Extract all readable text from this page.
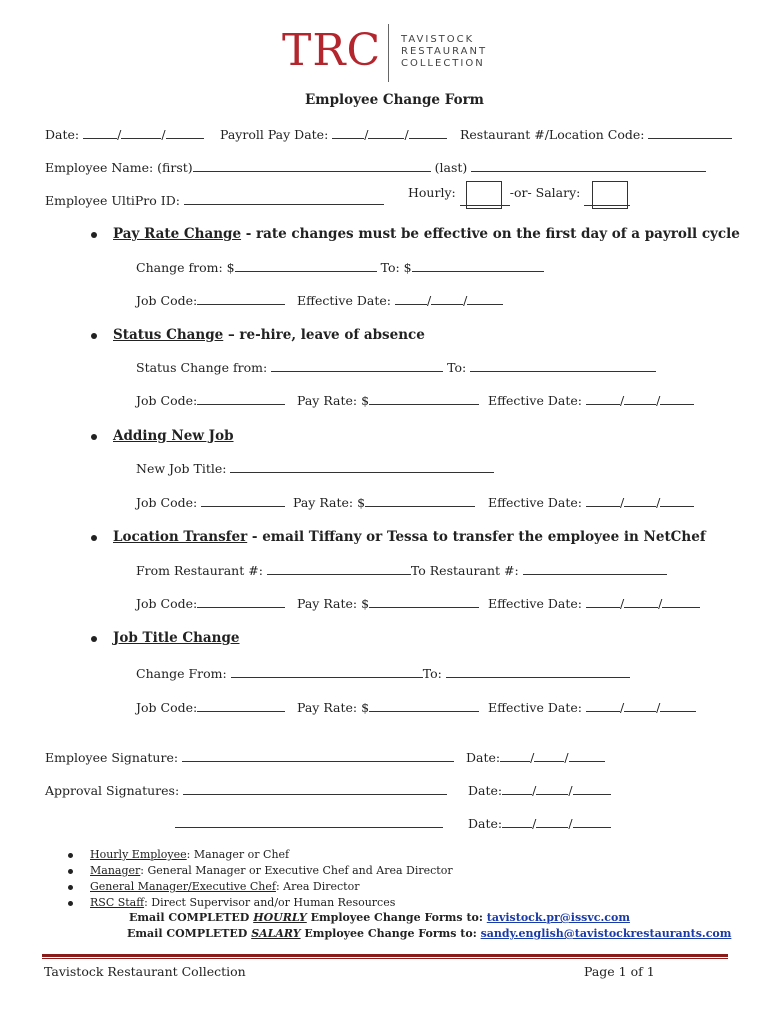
TRC TAVISTOCK
RESTAURANT
COLLECTION
Employee Change Form
Date:	/	/	Payroll Pay Date:	/	/	Restaurant #/Location Code:
Employee Name: (first)	(last)
Employee UltiPro ID:
Hourly:	-or- Salary:
Pay Rate Change - rate changes must be effective on the first day of a payroll cycle
Change from: $	To: $
Job Code:	Effective Date:	/	/
Status Change – re-hire, leave of absence
Status Change from:	To:
Job Code:	Pay Rate: $	Effective Date:	/	/
Adding New Job
New Job Title:
Job Code:	Pay Rate: $	Effective Date:	/	/
Location Transfer - email Tiffany or Tessa to transfer the employee in NetChef
From Restaurant #:	To Restaurant #:
Job Code:	Pay Rate: $	Effective Date:	/	/
Job Title Change
Change From:	To:
Job Code:	Pay Rate: $	Effective Date:	/	/
Employee Signature:	Date: / /
Approval Signatures:	Date: /	/
Date: /	/
Hourly Employee: Manager or Chef
Manager: General Manager or Executive Chef and Area Director
General Manager/Executive Chef: Area Director
RSC Staff: Direct Supervisor and/or Human Resources
Email COMPLETED HOURLY Employee Change Forms to: tavistock.pr@issvc.com
Email COMPLETED SALARY Employee Change Forms to: sandy.english@tavistockrestaurants.com
Tavistock Restaurant Collection	Page 1 of 1
